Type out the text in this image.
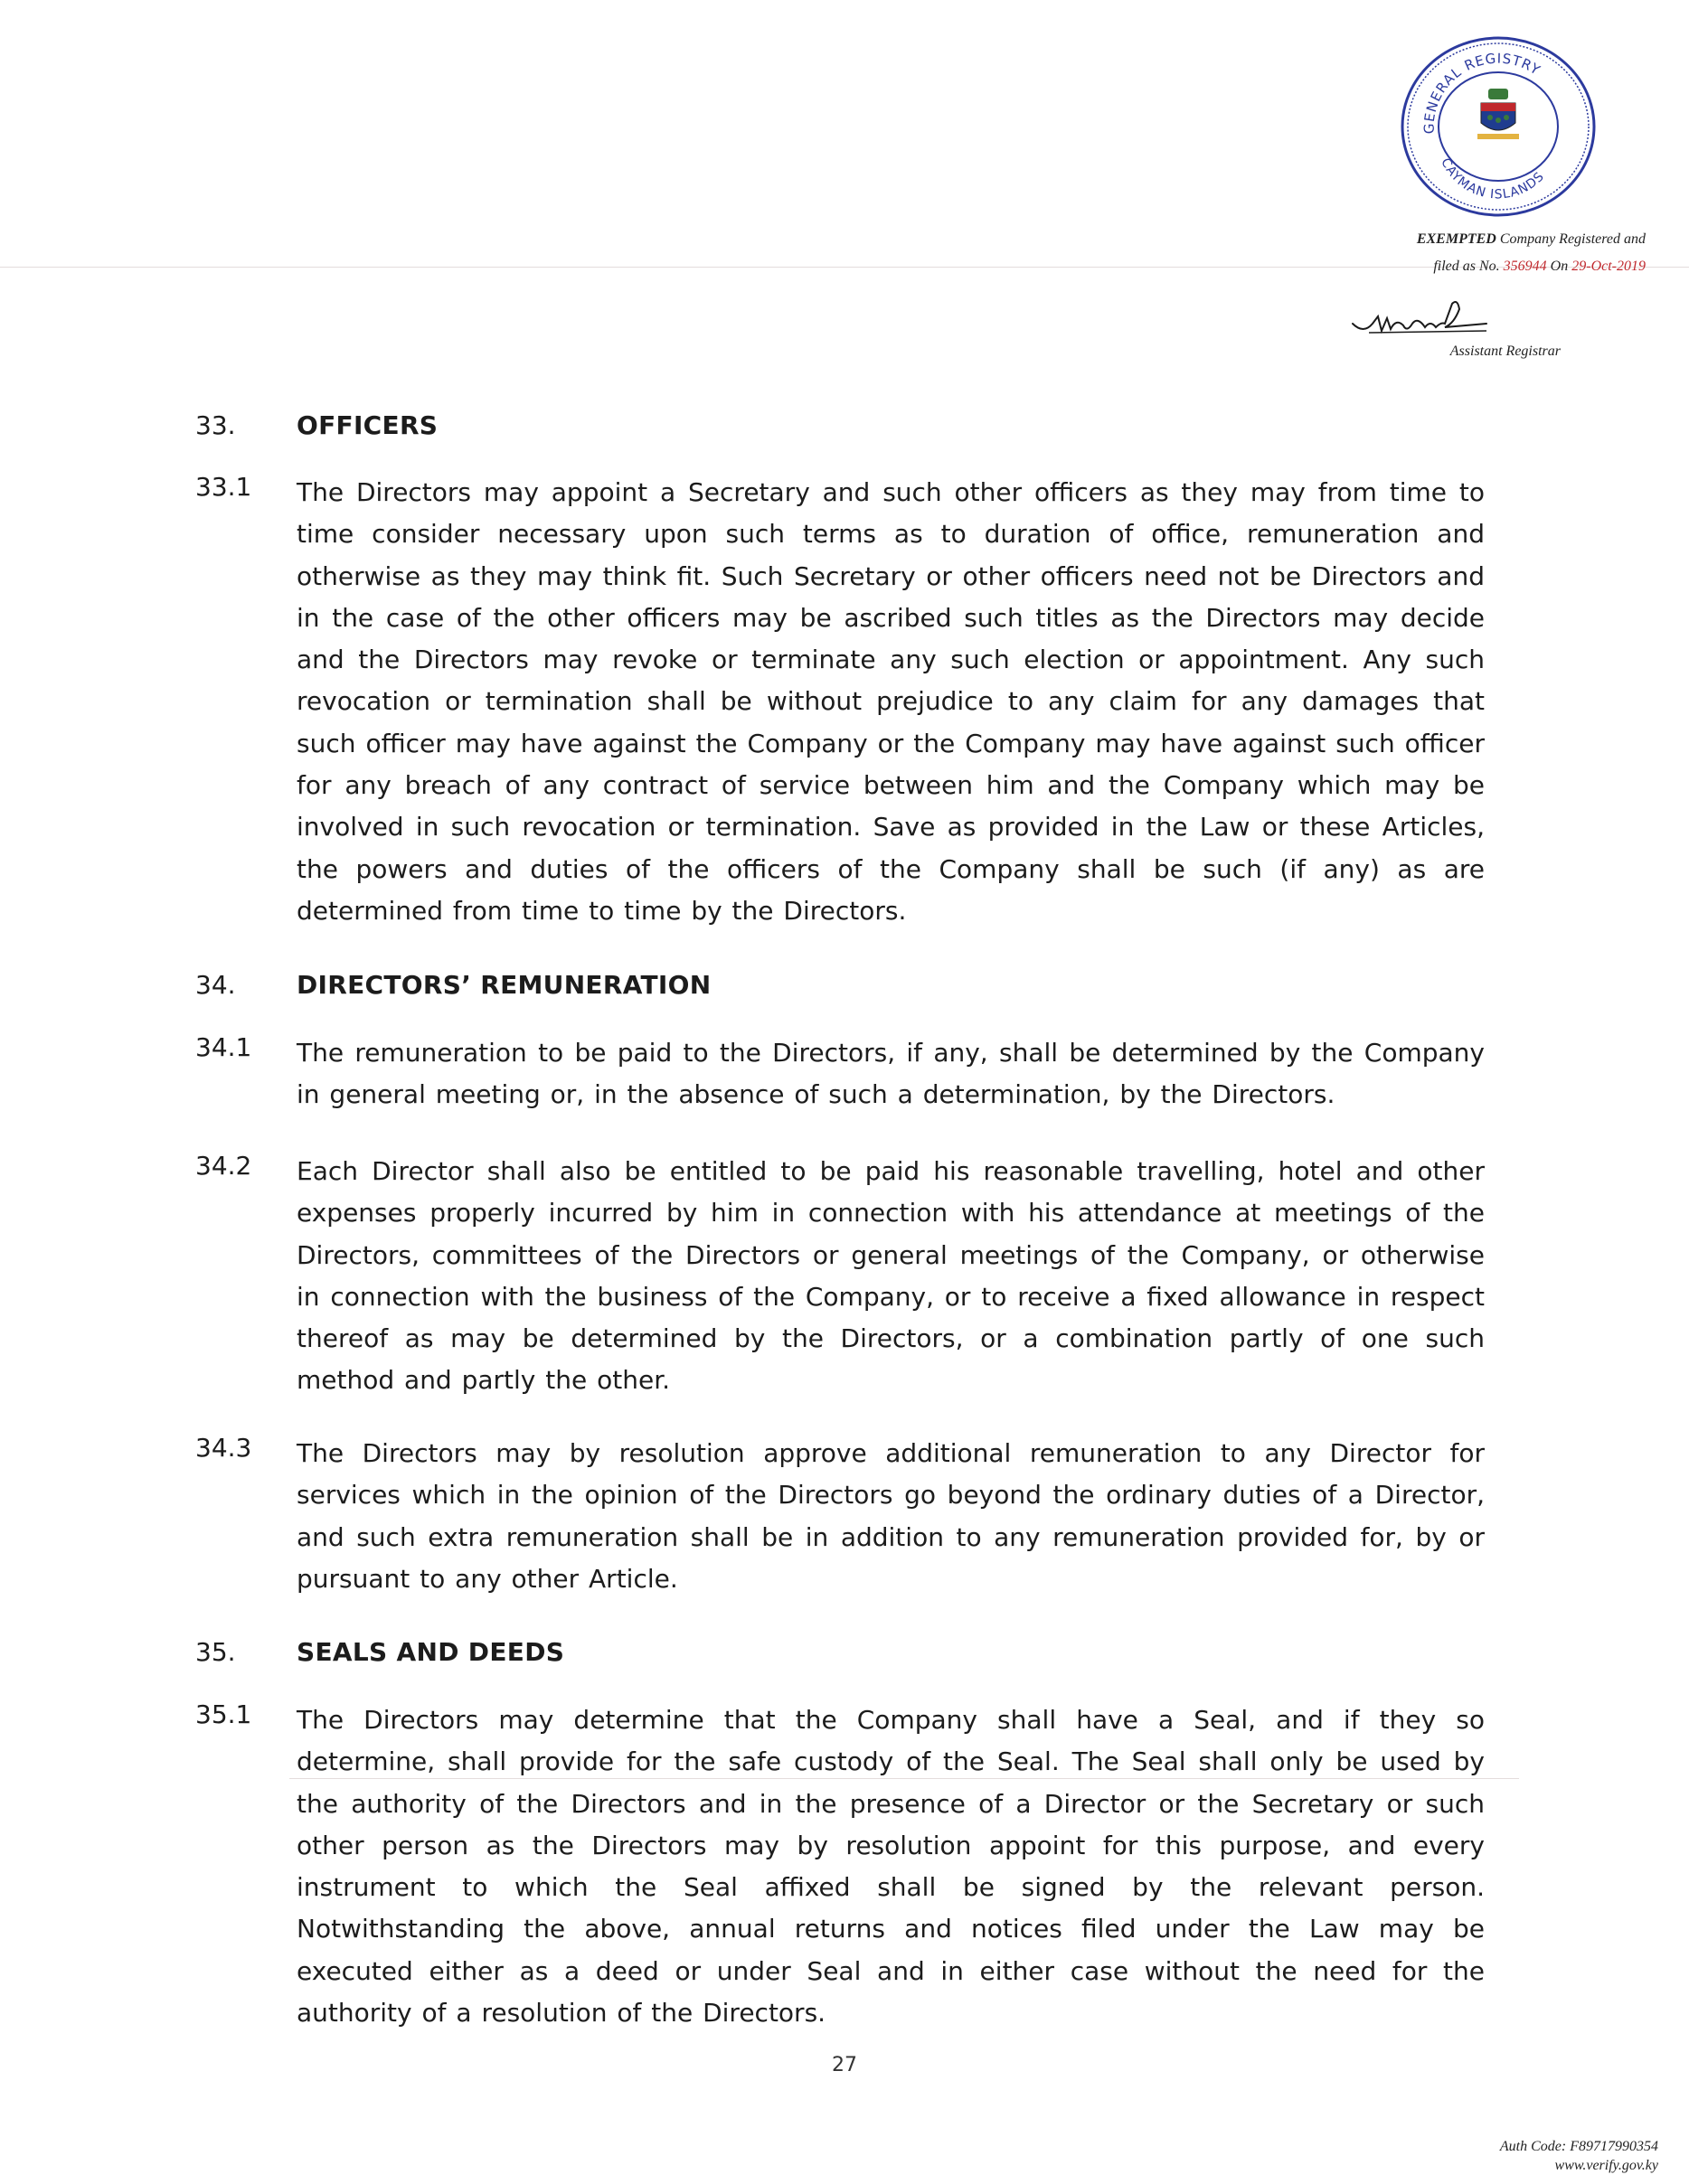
GENERAL REGISTRY
CAYMAN ISLANDS
EXEMPTED Company Registered and
filed as No. 356944 On 29-Oct-2019
Assistant Registrar
33. OFFICERS
33.1 The Directors may appoint a Secretary and such other officers as they may from time to time consider necessary upon such terms as to duration of office, remuneration and otherwise as they may think fit. Such Secretary or other officers need not be Directors and in the case of the other officers may be ascribed such titles as the Directors may decide and the Directors may revoke or terminate any such election or appointment. Any such revocation or termination shall be without prejudice to any claim for any damages that such officer may have against the Company or the Company may have against such officer for any breach of any contract of service between him and the Company which may be involved in such revocation or termination. Save as provided in the Law or these Articles, the powers and duties of the officers of the Company shall be such (if any) as are determined from time to time by the Directors.
34. DIRECTORS’ REMUNERATION
34.1 The remuneration to be paid to the Directors, if any, shall be determined by the Company in general meeting or, in the absence of such a determination, by the Directors.
34.2 Each Director shall also be entitled to be paid his reasonable travelling, hotel and other expenses properly incurred by him in connection with his attendance at meetings of the Directors, committees of the Directors or general meetings of the Company, or otherwise in connection with the business of the Company, or to receive a fixed allowance in respect thereof as may be determined by the Directors, or a combination partly of one such method and partly the other.
34.3 The Directors may by resolution approve additional remuneration to any Director for services which in the opinion of the Directors go beyond the ordinary duties of a Director, and such extra remuneration shall be in addition to any remuneration provided for, by or pursuant to any other Article.
35. SEALS AND DEEDS
35.1 The Directors may determine that the Company shall have a Seal, and if they so determine, shall provide for the safe custody of the Seal. The Seal shall only be used by the authority of the Directors and in the presence of a Director or the Secretary or such other person as the Directors may by resolution appoint for this purpose, and every instrument to which the Seal affixed shall be signed by the relevant person. Notwithstanding the above, annual returns and notices filed under the Law may be executed either as a deed or under Seal and in either case without the need for the authority of a resolution of the Directors.
27
Auth Code: F89717990354
www.verify.gov.ky
